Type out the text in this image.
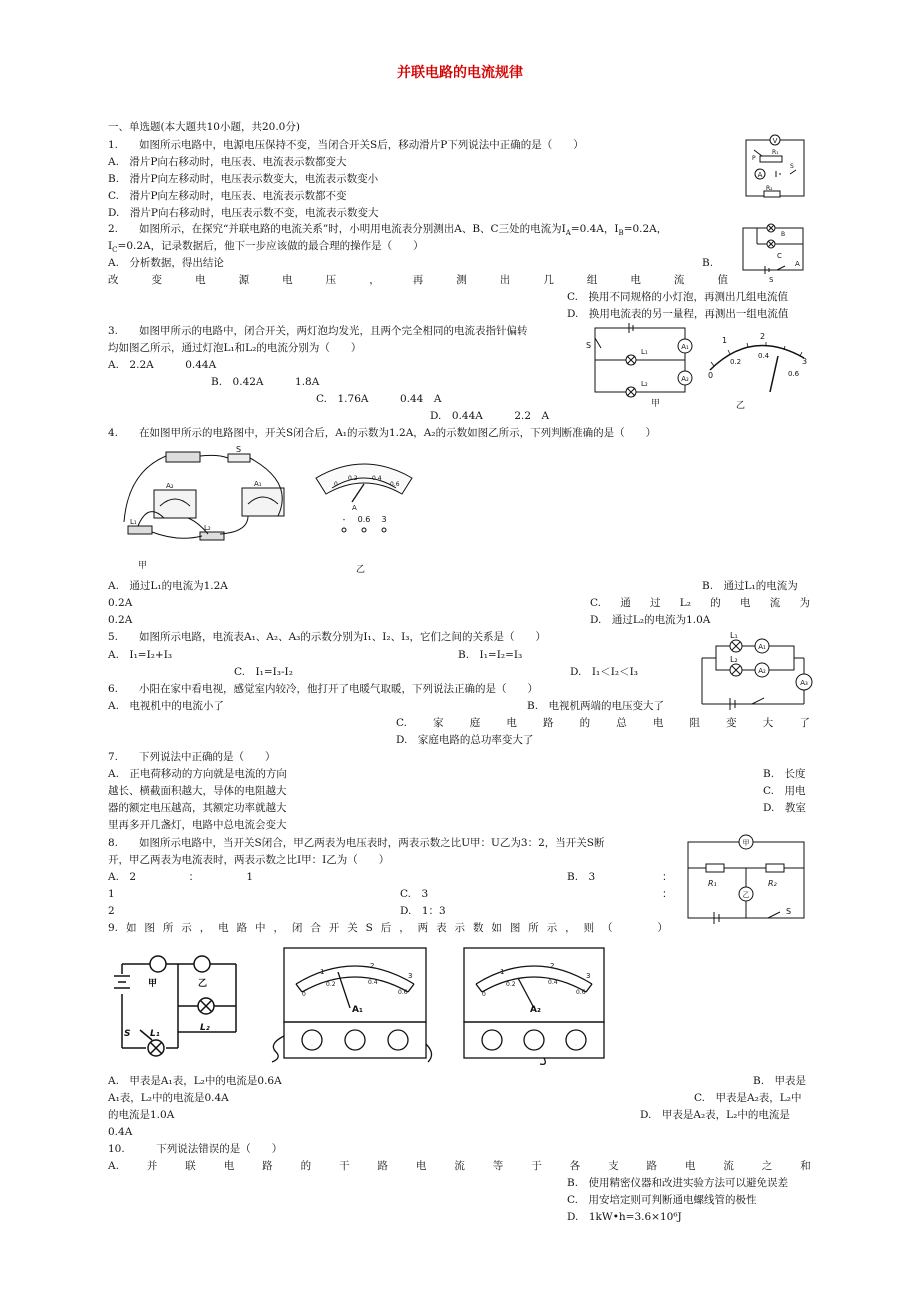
并联电路的电流规律
一、单选题(本大题共10小题，共20.0分)
1.　　如图所示电路中，电源电压保持不变，当闭合开关S后，移动滑片P下列说法中正确的是（　　）
A.　滑片P向右移动时，电压表、电流表示数都变大
B.　滑片P向左移动时，电压表示数变大，电流表示数变小
C.　滑片P向左移动时，电压表、电流表示数都不变
D.　滑片P向右移动时，电压表示数不变，电流表示数变大
2.　　如图所示，在探究“并联电路的电流关系”时，小明用电流表分别测出A、B、C三处的电流为$I_A=0.4A$，$I_B=0.2A$，
$I_C=0.2A$，记录数据后，他下一步应该做的最合理的操作是（　　）
A.　分析数据，得出结论	B.
改	变	电	源	电	压	，	再	测	出	几	组	电	流	值
C.　换用不同规格的小灯泡，再测出几组电流值
D.　换用电流表的另一量程，再测出一组电流值
3.　　如图甲所示的电路中，闭合开关，两灯泡均发光，且两个完全相同的电流表指针偏转
均如图乙所示，通过灯泡L₁和L₂的电流分别为（　　）
A.　2.2A　　　0.44A
B.　0.42A　　　1.8A
C.　1.76A　　　0.44　A
D.　0.44A　　　2.2　A
4.　　在如图甲所示的电路图中，开关S闭合后，A₁的示数为1.2A，A₂的示数如图乙所示，下列判断准确的是（　　）
A.　通过L₁的电流为1.2A	B.　通过L₁的电流为
0.2A	C. 通 过 L₂ 的 电 流 为
0.2A	D.　通过L₂的电流为1.0A
5.　　如图所示电路，电流表A₁、A₂、A₃的示数分别为I₁、I₂、I₃，它们之间的关系是（　　）
A.　I₁=I₂+I₃	B.　I₁=I₂=I₃
C.　I₁=I₃-I₂	D.　I₁＜I₂＜I₃
6.　　小阳在家中看电视，感觉室内较冷，他打开了电暖气取暖，下列说法正确的是（　　）
A.　电视机中的电流小了	B.　电视机两端的电压变大了
C. 家 庭 电 路 的 总 电 阻 变 大 了
D.　家庭电路的总功率变大了
7.　　下列说法中正确的是（　　）
A.　正电荷移动的方向就是电流的方向	B.　长度
越长、横截面积越大，导体的电阻越大	C.　用电
器的额定电压越高，其额定功率就越大	D.　教室
里再多开几盏灯，电路中总电流会变大
8.　　如图所示电路中，当开关S闭合，甲乙两表为电压表时，两表示数之比U甲：U乙为3：2，当开关S断
开，甲乙两表为电流表时，两表示数之比I甲：I乙为（　　）
A.　2　　　　　：　　　　　1	B.　3	：
1	C.　3	：
2	D.　1：3
9. 如 图 所 示 ， 电 路 中 ， 闭 合 开 关 S 后 ， 两 表 示 数 如 图 所 示 ， 则 （

　	）
A.　甲表是A₁表，L₂中的电流是0.6A	B.　甲表是
A₁表，L₂中的电流是0.4A	C.　甲表是A₂表，L₂中
的电流是1.0A	D.　甲表是A₂表，L₂中的电流是
0.4A
10.　　　下列说法错误的是（　　）
A.	并	联	电	路	的	干	路	电	流	等	于	各	支	路	电	流	之	和
B.　使用精密仪器和改进实验方法可以避免误差
C.　用安培定则可判断通电螺线管的极性
D.　1kW•h=3.6×10⁶J
V
A
P
R₁
R₂
S
B
C
A
S
S
L₁
L₂
A₁
A₂
甲
1	2
3
0
0.2
0.4
0.6
乙
S
A₂	A₁
L₁
L₂
甲
0
0.2 0.4
0.6
A
- 0.6 3
乙
L₁
L₂
A₁
A₂
A₃
甲
乙
R₁	R₂
S
甲	乙
L₂
L₁
S
1
2
3
0
0.2	0.4
0.6
A₁
1
2
3
0
0.2	0.4
0.6
A₂
